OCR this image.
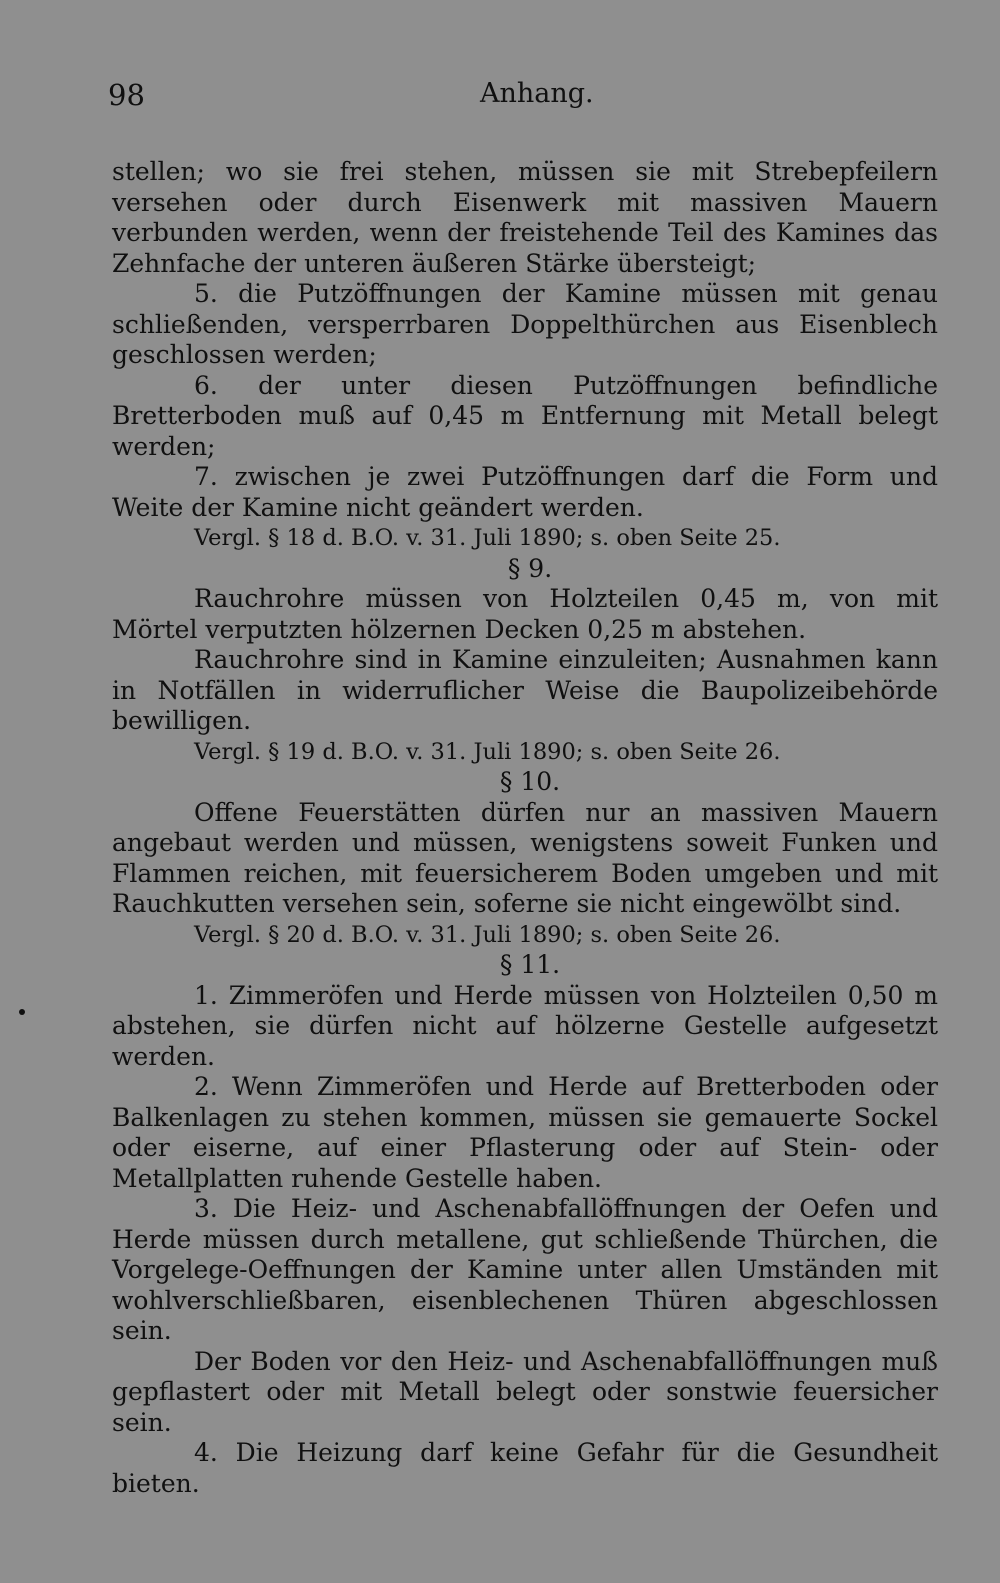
98	Anhang.

stellen; wo sie frei stehen, müssen sie mit Strebepfeilern versehen oder durch Eisenwerk mit massiven Mauern verbunden werden, wenn der freistehende Teil des Kamines das Zehnfache der unteren äußeren Stärke übersteigt;

5. die Putzöffnungen der Kamine müssen mit genau schließenden, versperrbaren Doppelthürchen aus Eisenblech geschlossen werden;

6. der unter diesen Putzöffnungen befindliche Bretterboden muß auf 0,45 m Entfernung mit Metall belegt werden;

7. zwischen je zwei Putzöffnungen darf die Form und Weite der Kamine nicht geändert werden.

Vergl. § 18 d. B.O. v. 31. Juli 1890; s. oben Seite 25.

§ 9.

Rauchrohre müssen von Holzteilen 0,45 m, von mit Mörtel verputzten hölzernen Decken 0,25 m abstehen.

Rauchrohre sind in Kamine einzuleiten; Ausnahmen kann in Notfällen in widerruflicher Weise die Baupolizeibehörde bewilligen.

Vergl. § 19 d. B.O. v. 31. Juli 1890; s. oben Seite 26.

§ 10.

Offene Feuerstätten dürfen nur an massiven Mauern angebaut werden und müssen, wenigstens soweit Funken und Flammen reichen, mit feuersicherem Boden umgeben und mit Rauchkutten versehen sein, soferne sie nicht eingewölbt sind.

Vergl. § 20 d. B.O. v. 31. Juli 1890; s. oben Seite 26.

§ 11.

1. Zimmeröfen und Herde müssen von Holzteilen 0,50 m abstehen, sie dürfen nicht auf hölzerne Gestelle aufgesetzt werden.

2. Wenn Zimmeröfen und Herde auf Bretterboden oder Balkenlagen zu stehen kommen, müssen sie gemauerte Sockel oder eiserne, auf einer Pflasterung oder auf Stein- oder Metallplatten ruhende Gestelle haben.

3. Die Heiz- und Aschenabfallöffnungen der Oefen und Herde müssen durch metallene, gut schließende Thürchen, die Vorgelege-Oeffnungen der Kamine unter allen Umständen mit wohlverschließbaren, eisenblechenen Thüren abgeschlossen sein.

Der Boden vor den Heiz- und Aschenabfallöffnungen muß gepflastert oder mit Metall belegt oder sonstwie feuersicher sein.

4. Die Heizung darf keine Gefahr für die Gesundheit bieten.
